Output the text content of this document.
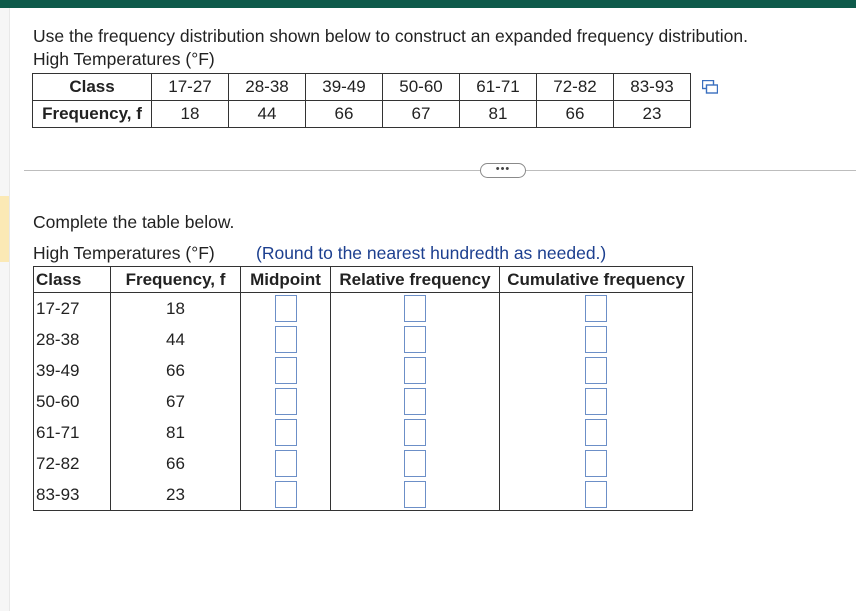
Use the frequency distribution shown below to construct an expanded frequency distribution.
High Temperatures (°F)
Class	17-27	28-38	39-49	50-60	61-71	72-82	83-93
Frequency, f	18	44	66	67	81	66	23
•••
Complete the table below.
High Temperatures (°F) (Round to the nearest hundredth as needed.)
Class	Frequency, f	Midpoint	Relative frequency	Cumulative frequency
17-27	18			
28-38	44			
39-49	66			
50-60	67			
61-71	81			
72-82	66			
83-93	23			
